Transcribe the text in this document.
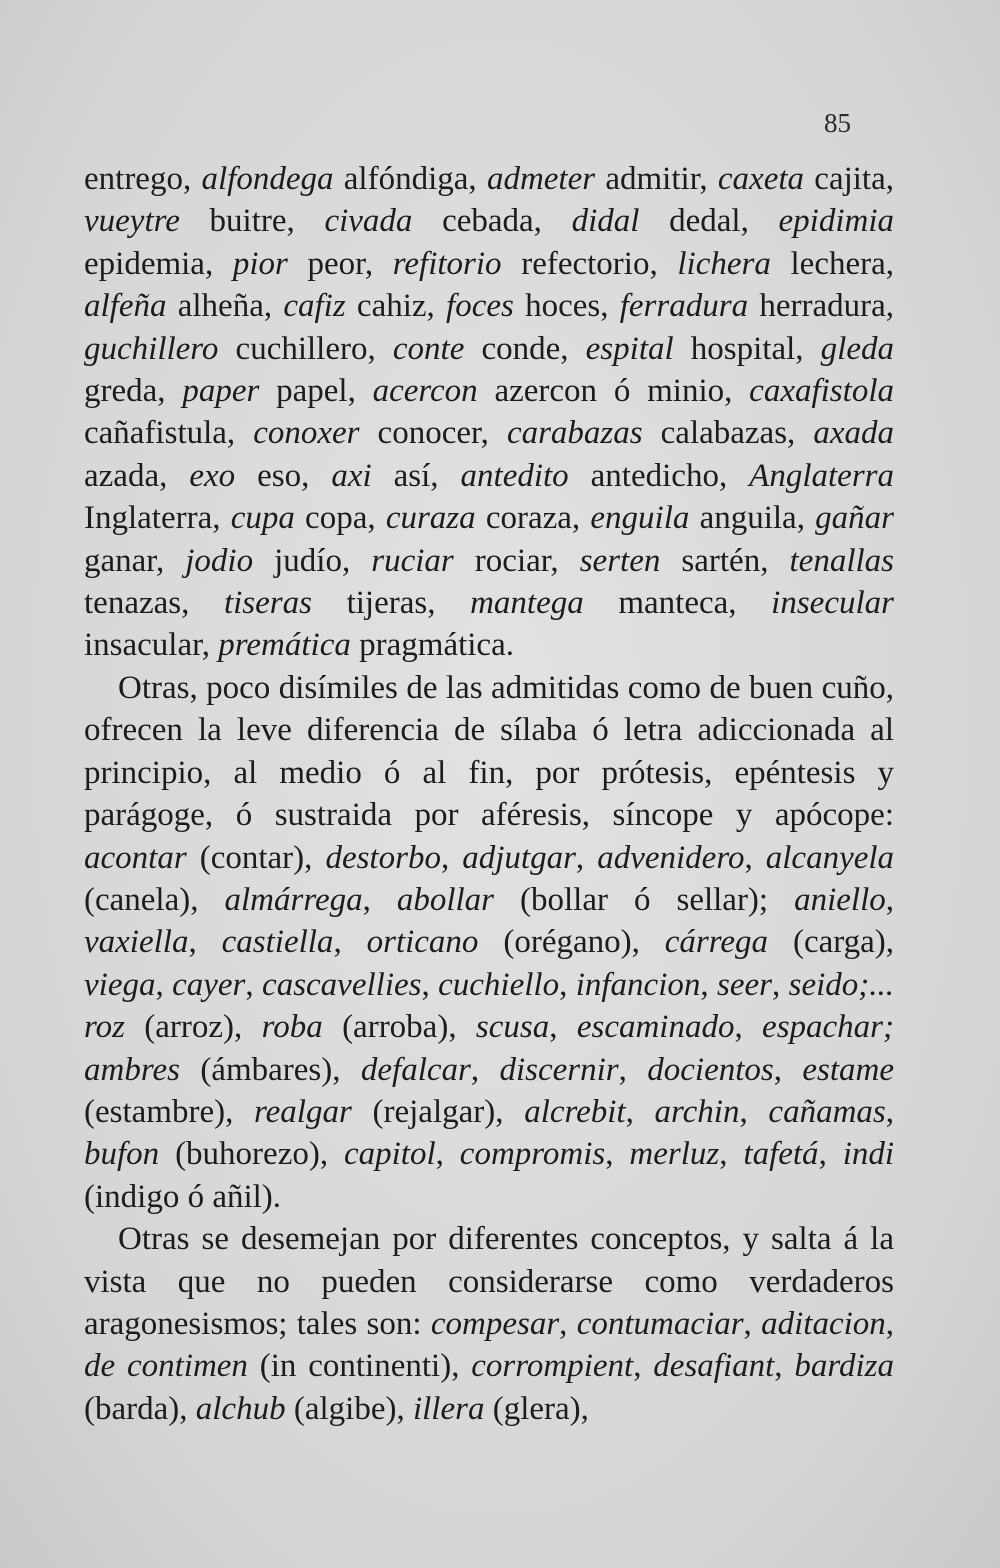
85

entrego, alfondega alfóndiga, admeter admitir, caxeta cajita, vueytre buitre, civada cebada, didal dedal, epidimia epidemia, pior peor, refitorio refectorio, lichera lechera, alfeña alheña, cafiz cahiz, foces hoces, ferradura herradura, guchillero cuchillero, conte conde, espital hospital, gleda greda, paper papel, acercon azercon ó minio, caxafistola cañafistula, conoxer conocer, carabazas calabazas, axada azada, exo eso, axi así, antedito antedicho, Anglaterra Inglaterra, cupa copa, curaza coraza, enguila anguila, gañar ganar, jodio judío, ruciar rociar, serten sartén, tenallas tenazas, tiseras tijeras, mantega manteca, insecular insacular, premática pragmática.

Otras, poco disímiles de las admitidas como de buen cuño, ofrecen la leve diferencia de sílaba ó letra adiccionada al principio, al medio ó al fin, por prótesis, epéntesis y parágoge, ó sustraida por aféresis, síncope y apócope: acontar (contar), destorbo, adjutgar, advenidero, alcanyela (canela), almárrega, abollar (bollar ó sellar); aniello, vaxiella, castiella, orticano (orégano), cárrega (carga), viega, cayer, cascavellies, cuchiello, infancion, seer, seido;... roz (arroz), roba (arroba), scusa, escaminado, espachar; ambres (ámbares), defalcar, discernir, docientos, estame (estambre), realgar (rejalgar), alcrebit, archin, cañamas, bufon (buhorezo), capitol, compromis, merluz, tafetá, indi (indigo ó añil).

Otras se desemejan por diferentes conceptos, y salta á la vista que no pueden considerarse como verdaderos aragonesismos; tales son: compesar, contumaciar, aditacion, de contimen (in continenti), corrompient, desafiant, bardiza (barda), alchub (algibe), illera (glera),
